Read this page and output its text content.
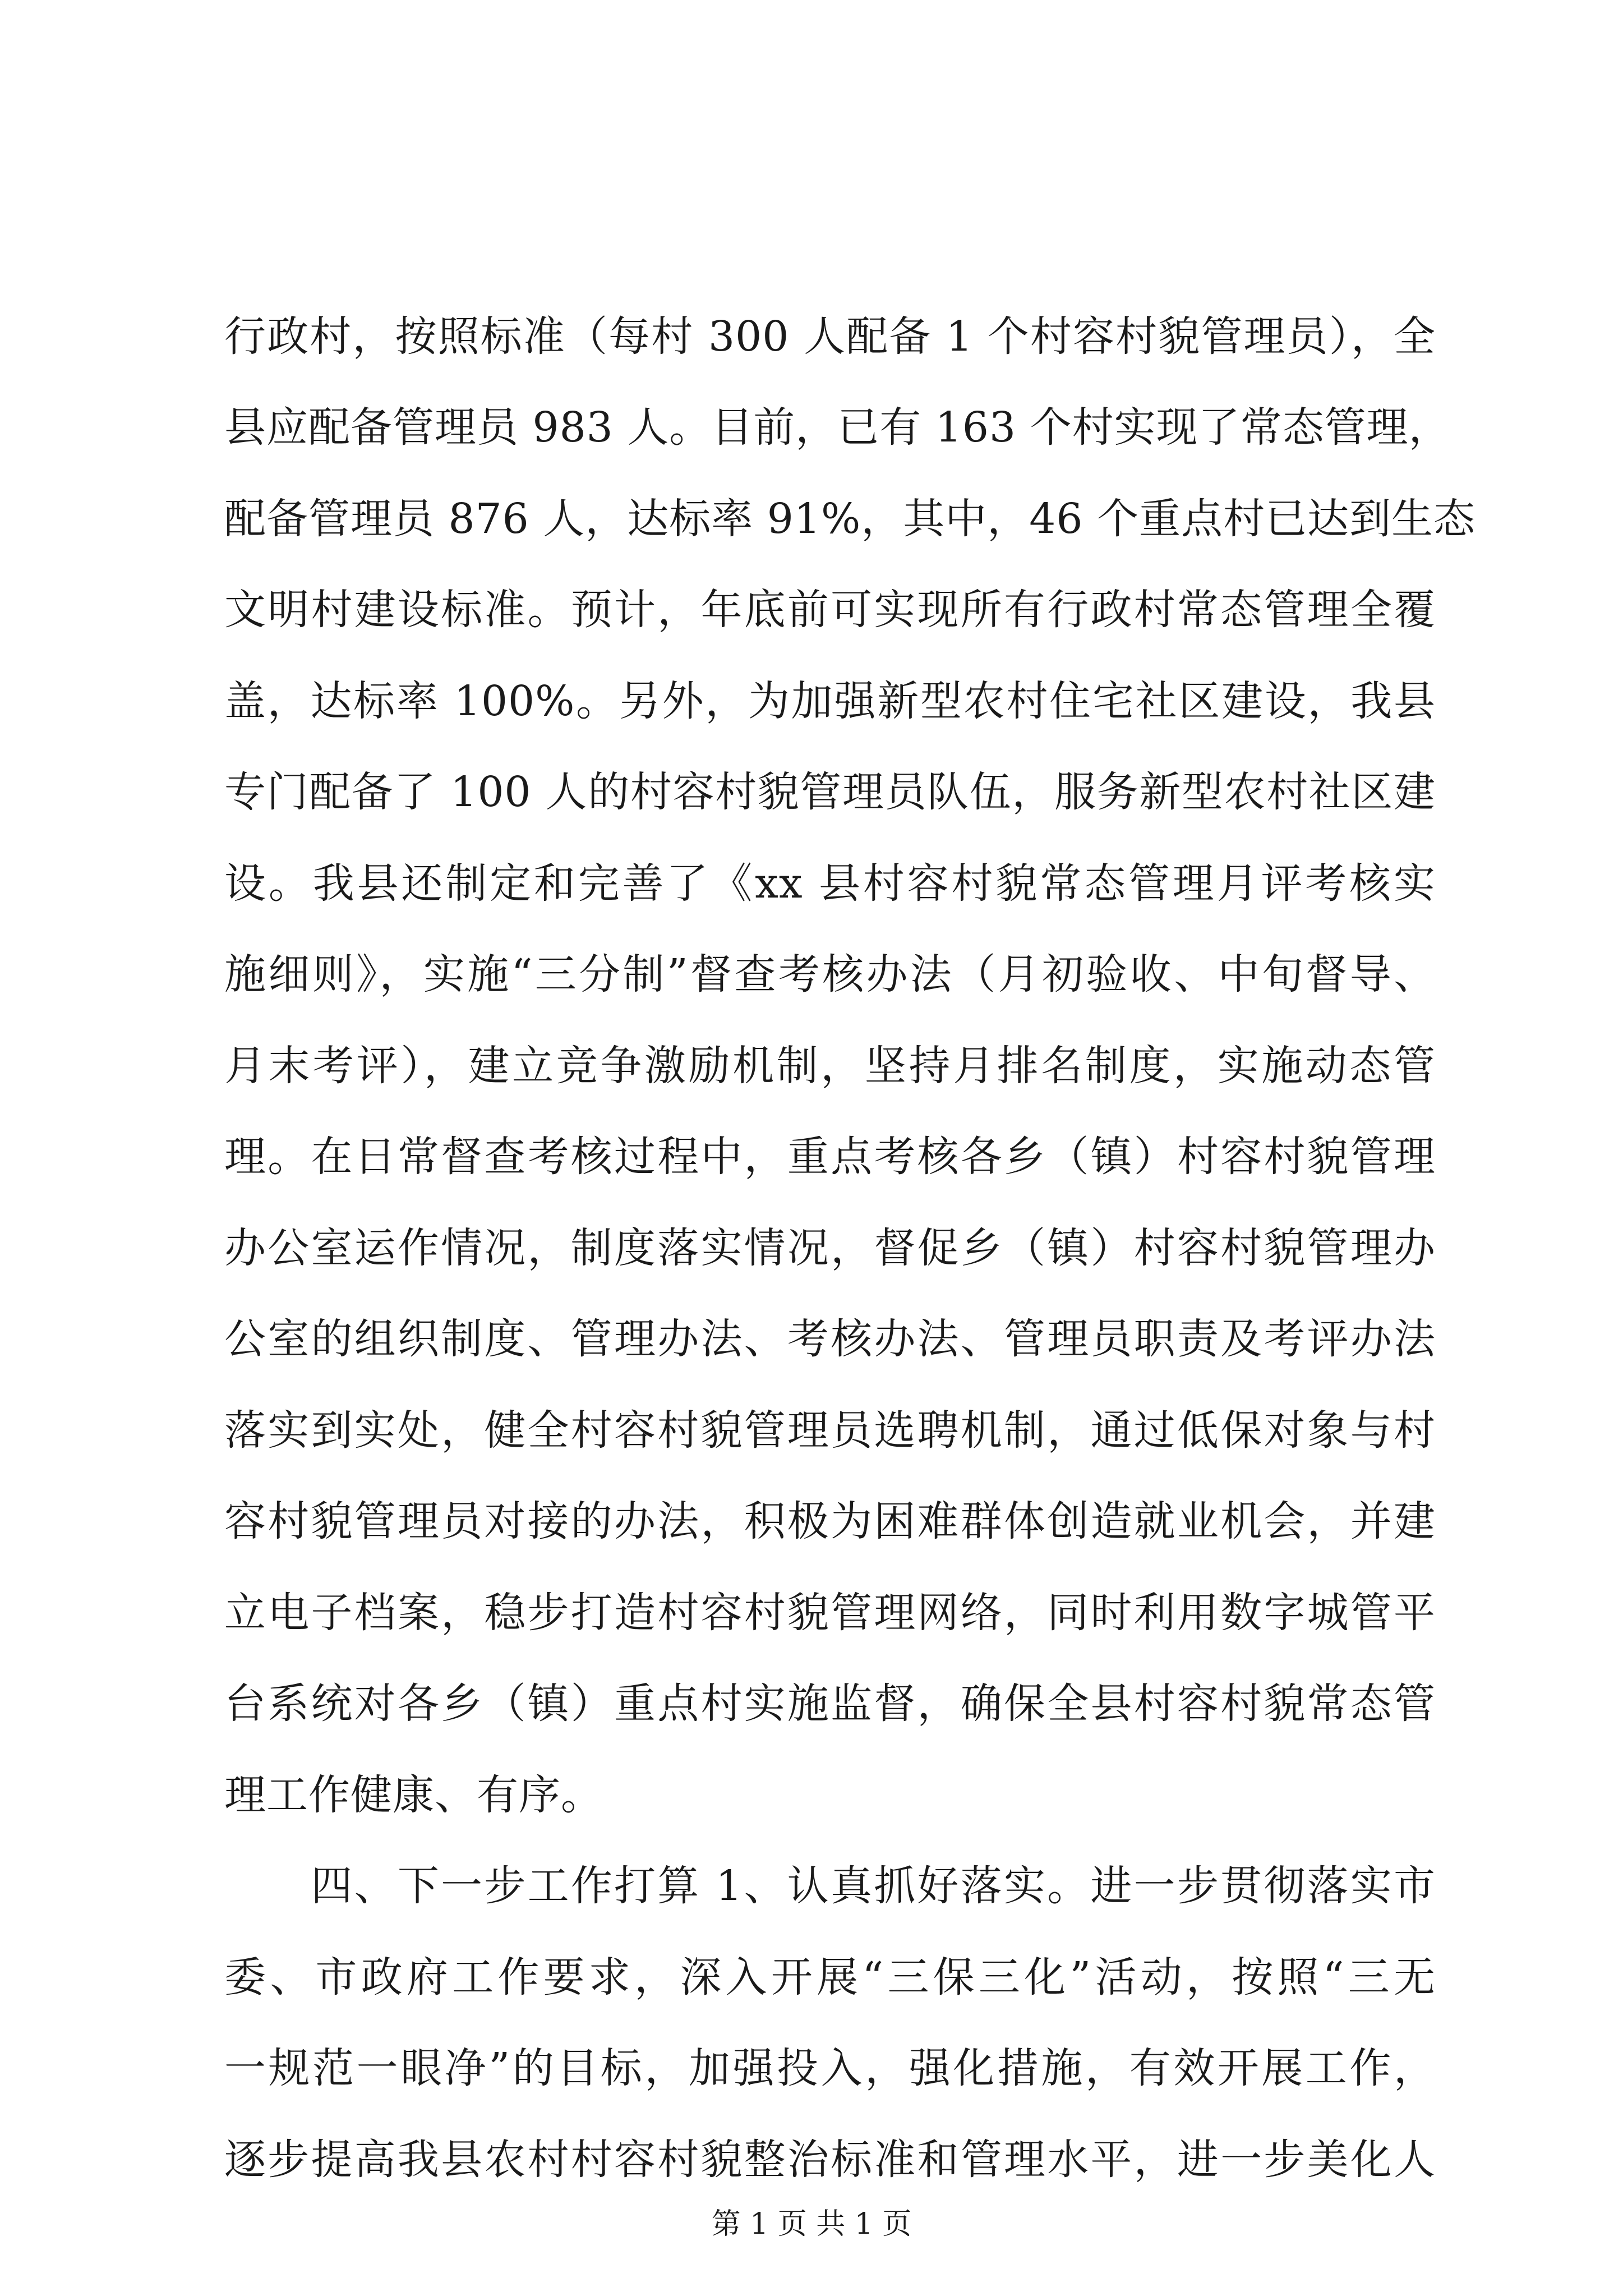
行政村，按照标准（每村 300 人配备 1 个村容村貌管理员），全
县应配备管理员 983 人。目前，已有 163 个村实现了常态管理，
配备管理员 876 人，达标率 91%，其中，46 个重点村已达到生态
文明村建设标准。预计，年底前可实现所有行政村常态管理全覆
盖，达标率 100%。另外，为加强新型农村住宅社区建设，我县
专门配备了 100 人的村容村貌管理员队伍，服务新型农村社区建
设。我县还制定和完善了《xx 县村容村貌常态管理月评考核实
施细则》，实施“三分制”督查考核办法（月初验收、中旬督导、
月末考评），建立竞争激励机制，坚持月排名制度，实施动态管
理。在日常督查考核过程中，重点考核各乡（镇）村容村貌管理
办公室运作情况，制度落实情况，督促乡（镇）村容村貌管理办
公室的组织制度、管理办法、考核办法、管理员职责及考评办法
落实到实处，健全村容村貌管理员选聘机制，通过低保对象与村
容村貌管理员对接的办法，积极为困难群体创造就业机会，并建
立电子档案，稳步打造村容村貌管理网络，同时利用数字城管平
台系统对各乡（镇）重点村实施监督，确保全县村容村貌常态管
理工作健康、有序。
　　四、下一步工作打算 1、认真抓好落实。进一步贯彻落实市
委、市政府工作要求，深入开展“三保三化”活动，按照“三无
一规范一眼净”的目标，加强投入，强化措施，有效开展工作，
逐步提高我县农村村容村貌整治标准和管理水平，进一步美化人
第 1 页 共 1 页
